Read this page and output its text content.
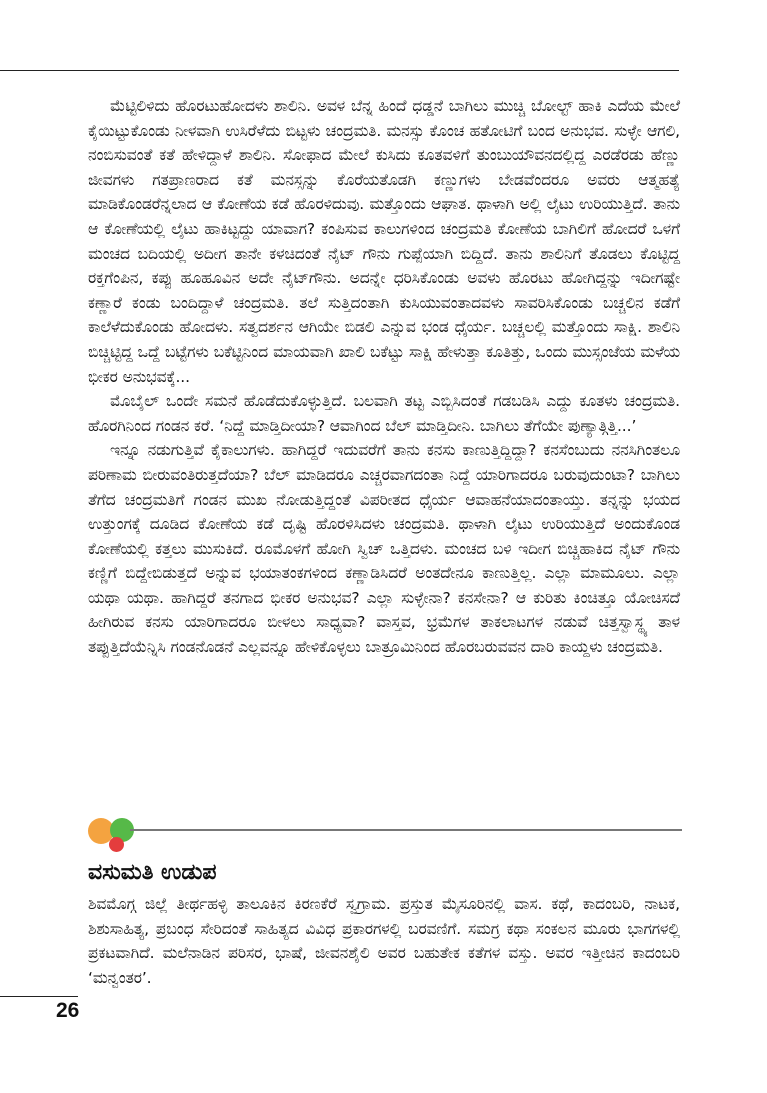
ಮೆಟ್ಟಿಲಿಳಿದು ಹೊರಟುಹೋದಳು ಶಾಲಿನಿ. ಅವಳ ಬೆನ್ನ ಹಿಂದೆ ಧಡ್ಡನೆ ಬಾಗಿಲು ಮುಚ್ಚಿ ಬೋಲ್ಟ್ ಹಾಕಿ ಎದೆಯ ಮೇಲೆ ಕೈಯಿಟ್ಟುಕೊಂಡು ನೀಳವಾಗಿ ಉಸಿರೆಳೆದು ಬಿಟ್ಟಳು ಚಂದ್ರಮತಿ. ಮನಸ್ಸು ಕೊಂಚ ಹತೋಟಿಗೆ ಬಂದ ಅನುಭವ. ಸುಳ್ಳೇ ಆಗಲಿ, ನಂಬಿಸುವಂತೆ ಕತೆ ಹೇಳಿದ್ದಾಳೆ ಶಾಲಿನಿ. ಸೋಫಾದ ಮೇಲೆ ಕುಸಿದು ಕೂತವಳಿಗೆ ತುಂಬುಯೌವನದಲ್ಲಿದ್ದ ಎರಡೆರಡು ಹೆಣ್ಣು ಜೀವಗಳು ಗತಪ್ರಾಣರಾದ ಕತೆ ಮನಸ್ಸನ್ನು ಕೊರೆಯತೊಡಗಿ ಕಣ್ಣುಗಳು ಬೇಡವೆಂದರೂ ಅವರು ಆತ್ಮಹತ್ಯೆ ಮಾಡಿಕೊಂಡರೆನ್ನಲಾದ ಆ ಕೋಣೆಯ ಕಡೆ ಹೊರಳಿದುವು. ಮತ್ತೊಂದು ಆಘಾತ. ಥಾಳಾಗಿ ಅಲ್ಲಿ ಲೈಟು ಉರಿಯುತ್ತಿದೆ. ತಾನು ಆ ಕೋಣೆಯಲ್ಲಿ ಲೈಟು ಹಾಕಿಟ್ಟದ್ದು ಯಾವಾಗ? ಕಂಪಿಸುವ ಕಾಲುಗಳಿಂದ ಚಂದ್ರಮತಿ ಕೋಣೆಯ ಬಾಗಿಲಿಗೆ ಹೋದರೆ ಒಳಗೆ ಮಂಚದ ಬದಿಯಲ್ಲಿ ಅದೀಗ ತಾನೇ ಕಳಚಿದಂತೆ ನೈಟ್ ಗೌನು ಗುಪ್ಪೆಯಾಗಿ ಬಿದ್ದಿದೆ. ತಾನು ಶಾಲಿನಿಗೆ ತೊಡಲು ಕೊಟ್ಟಿದ್ದ ರಕ್ತಗೆಂಪಿನ, ಕಪ್ಪು ಹೂಹೂವಿನ ಅದೇ ನೈಟ್‌ಗೌನು. ಅದನ್ನೇ ಧರಿಸಿಕೊಂಡು ಅವಳು ಹೊರಟು ಹೋಗಿದ್ದನ್ನು ಇದೀಗಷ್ಟೇ ಕಣ್ಣಾರೆ ಕಂಡು ಬಂದಿದ್ದಾಳೆ ಚಂದ್ರಮತಿ. ತಲೆ ಸುತ್ತಿದಂತಾಗಿ ಕುಸಿಯುವಂತಾದವಳು ಸಾವರಿಸಿಕೊಂಡು ಬಚ್ಚಲಿನ ಕಡೆಗೆ ಕಾಲೆಳೆದುಕೊಂಡು ಹೋದಳು. ಸತ್ವದರ್ಶನ ಆಗಿಯೇ ಬಿಡಲಿ ಎನ್ನುವ ಭಂಡ ಧೈರ್ಯ. ಬಚ್ಚಲಲ್ಲಿ ಮತ್ತೊಂದು ಸಾಕ್ಷಿ. ಶಾಲಿನಿ ಬಿಚ್ಚಿಟ್ಟಿದ್ದ ಒದ್ದೆ ಬಟ್ಟೆಗಳು ಬಕೆಟ್ಟಿನಿಂದ ಮಾಯವಾಗಿ ಖಾಲಿ ಬಕೆಟ್ಟು ಸಾಕ್ಷಿ ಹೇಳುತ್ತಾ ಕೂತಿತ್ತು, ಒಂದು ಮುಸ್ಸಂಜೆಯ ಮಳೆಯ ಭೀಕರ ಅನುಭವಕ್ಕೆ...

ಮೊಬೈಲ್ ಒಂದೇ ಸಮನೆ ಹೊಡೆದುಕೊಳ್ಳುತ್ತಿದೆ. ಬಲವಾಗಿ ತಟ್ಟ ಎಬ್ಬಿಸಿದಂತೆ ಗಡಬಡಿಸಿ ಎದ್ದು ಕೂತಳು ಚಂದ್ರಮತಿ. ಹೊರಗಿನಿಂದ ಗಂಡನ ಕರೆ. ‘ನಿದ್ದೆ ಮಾಡ್ತಿದೀಯಾ? ಆವಾಗಿಂದ ಬೆಲ್ ಮಾಡ್ತಿದೀನಿ. ಬಾಗಿಲು ತೆಗೆಯೇ ಪುಣ್ಯಾತ್ಗಿತ್ತಿ...’

ಇನ್ನೂ ನಡುಗುತ್ತಿವೆ ಕೈಕಾಲುಗಳು. ಹಾಗಿದ್ದರೆ ಇದುವರೆಗೆ ತಾನು ಕನಸು ಕಾಣುತ್ತಿದ್ದಿದ್ದಾ? ಕನಸೆಂಬುದು ನನಸಿಗಿಂತಲೂ ಪರಿಣಾಮ ಬೀರುವಂತಿರುತ್ತದೆಯಾ? ಬೆಲ್ ಮಾಡಿದರೂ ಎಚ್ಚರವಾಗದಂತಾ ನಿದ್ದೆ ಯಾರಿಗಾದರೂ ಬರುವುದುಂಟಾ? ಬಾಗಿಲು ತೆಗೆದ ಚಂದ್ರಮತಿಗೆ ಗಂಡನ ಮುಖ ನೋಡುತ್ತಿದ್ದಂತೆ ವಿಪರೀತದ ಧೈರ್ಯ ಆವಾಹನೆಯಾದಂತಾಯ್ತು. ತನ್ನನ್ನು ಭಯದ ಉತ್ತುಂಗಕ್ಕೆ ದೂಡಿದ ಕೋಣೆಯ ಕಡೆ ದೃಷ್ಟಿ ಹೊರಳಿಸಿದಳು ಚಂದ್ರಮತಿ. ಥಾಳಾಗಿ ಲೈಟು ಉರಿಯುತ್ತಿದೆ ಅಂದುಕೊಂಡ ಕೋಣೆಯಲ್ಲಿ ಕತ್ತಲು ಮುಸುಕಿದೆ. ರೂಮೊಳಗೆ ಹೋಗಿ ಸ್ವಿಚ್ ಒತ್ತಿದಳು. ಮಂಚದ ಬಳಿ ಇದೀಗ ಬಿಚ್ಚಿಹಾಕಿದ ನೈಟ್ ಗೌನು ಕಣ್ಣಿಗೆ ಬಿದ್ದೇಬಿಡುತ್ತದೆ ಅನ್ನುವ ಭಯಾತಂಕಗಳಿಂದ ಕಣ್ಣಾಡಿಸಿದರೆ ಅಂತದೇನೂ ಕಾಣುತ್ತಿಲ್ಲ. ಎಲ್ಲಾ ಮಾಮೂಲು. ಎಲ್ಲಾ ಯಥಾ ಯಥಾ. ಹಾಗಿದ್ದರೆ ತನಗಾದ ಭೀಕರ ಅನುಭವ? ಎಲ್ಲಾ ಸುಳ್ಳೇನಾ? ಕನಸೇನಾ? ಆ ಕುರಿತು ಕಿಂಚಿತ್ತೂ ಯೋಚಿಸದೆ ಹೀಗಿರುವ ಕನಸು ಯಾರಿಗಾದರೂ ಬೀಳಲು ಸಾಧ್ಯವಾ? ವಾಸ್ತವ, ಭ್ರಮೆಗಳ ತಾಕಲಾಟಗಳ ನಡುವೆ ಚಿತ್ತಸ್ವಾಸ್ಥ್ಯ ತಾಳ ತಪ್ಪುತ್ತಿದೆಯೆನ್ನಿಸಿ ಗಂಡನೊಡನೆ ಎಲ್ಲವನ್ನೂ ಹೇಳಿಕೊಳ್ಳಲು ಬಾತ್ರೂಮಿನಿಂದ ಹೊರಬರುವವನ ದಾರಿ ಕಾಯ್ದಳು ಚಂದ್ರಮತಿ.

ವಸುಮತಿ ಉಡುಪ

ಶಿವಮೊಗ್ಗ ಜಿಲ್ಲೆ ತೀರ್ಥಹಳ್ಳಿ ತಾಲೂಕಿನ ಕಿರಣಕೆರೆ ಸ್ವಗ್ರಾಮ. ಪ್ರಸ್ತುತ ಮೈಸೂರಿನಲ್ಲಿ ವಾಸ. ಕಥೆ, ಕಾದಂಬರಿ, ನಾಟಕ, ಶಿಶುಸಾಹಿತ್ಯ, ಪ್ರಬಂಧ ಸೇರಿದಂತೆ ಸಾಹಿತ್ಯದ ವಿವಿಧ ಪ್ರಕಾರಗಳಲ್ಲಿ ಬರವಣಿಗೆ. ಸಮಗ್ರ ಕಥಾ ಸಂಕಲನ ಮೂರು ಭಾಗಗಳಲ್ಲಿ ಪ್ರಕಟವಾಗಿದೆ. ಮಲೆನಾಡಿನ ಪರಿಸರ, ಭಾಷೆ, ಜೀವನಶೈಲಿ ಅವರ ಬಹುತೇಕ ಕತೆಗಳ ವಸ್ತು. ಅವರ ಇತ್ತೀಚಿನ ಕಾದಂಬರಿ ‘ಮನ್ವಂತರ’.

26
